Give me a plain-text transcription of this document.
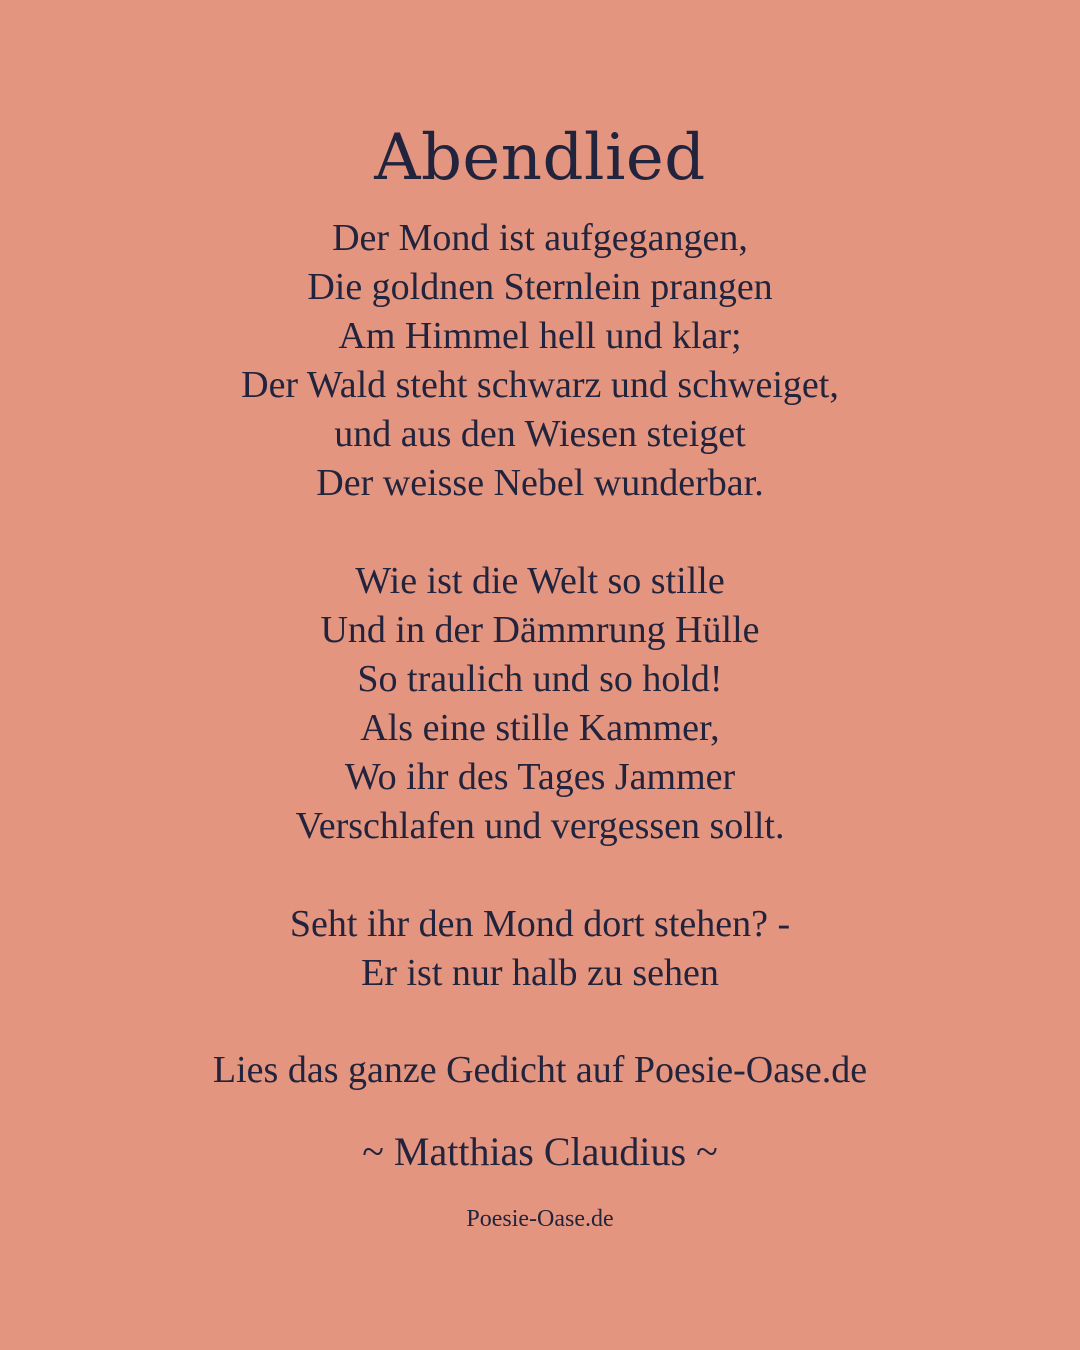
Abendlied
Der Mond ist aufgegangen,
Die goldnen Sternlein prangen
Am Himmel hell und klar;
Der Wald steht schwarz und schweiget,
und aus den Wiesen steiget
Der weisse Nebel wunderbar.
Wie ist die Welt so stille
Und in der Dämmrung Hülle
So traulich und so hold!
Als eine stille Kammer,
Wo ihr des Tages Jammer
Verschlafen und vergessen sollt.
Seht ihr den Mond dort stehen? -
Er ist nur halb zu sehen
Lies das ganze Gedicht auf Poesie-Oase.de
~ Matthias Claudius ~
Poesie-Oase.de
